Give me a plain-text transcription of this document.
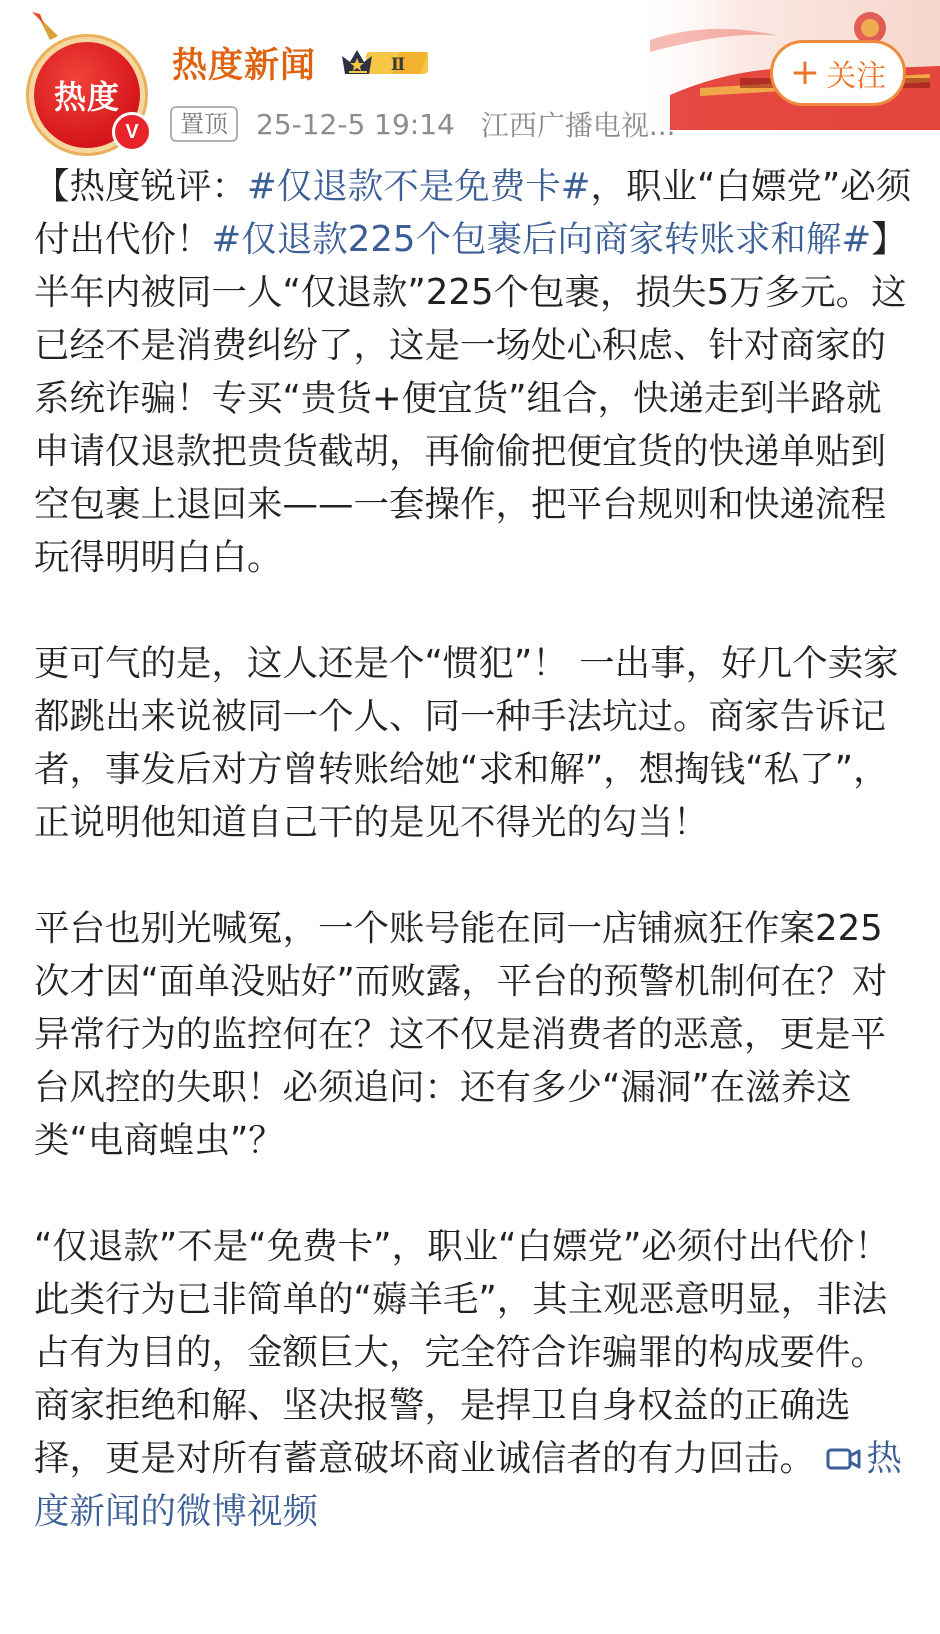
热度
V
热度新闻	Ⅱ
置顶	25-12-5 19:14 江西广播电视...
+ 关注

【热度锐评：#仅退款不是免费卡#，职业“白嫖党”必须付出代价！#仅退款225个包裹后向商家转账求和解#】半年内被同一人“仅退款”225个包裹，损失5万多元。这已经不是消费纠纷了，这是一场处心积虑、针对商家的系统诈骗！专买“贵货+便宜货”组合，快递走到半路就申请仅退款把贵货截胡，再偷偷把便宜货的快递单贴到空包裹上退回来——一套操作，把平台规则和快递流程玩得明明白白。

更可气的是，这人还是个“惯犯”！ 一出事，好几个卖家都跳出来说被同一个人、同一种手法坑过。商家告诉记者，事发后对方曾转账给她“求和解”，想掏钱“私了”，正说明他知道自己干的是见不得光的勾当！

平台也别光喊冤，一个账号能在同一店铺疯狂作案225次才因“面单没贴好”而败露，平台的预警机制何在？对异常行为的监控何在？这不仅是消费者的恶意，更是平台风控的失职！必须追问：还有多少“漏洞”在滋养这类“电商蝗虫”？

“仅退款”不是“免费卡”，职业“白嫖党”必须付出代价！此类行为已非简单的“薅羊毛”，其主观恶意明显，非法占有为目的，金额巨大，完全符合诈骗罪的构成要件。商家拒绝和解、坚决报警，是捍卫自身权益的正确选择，更是对所有蓄意破坏商业诚信者的有力回击。 热度新闻的微博视频
